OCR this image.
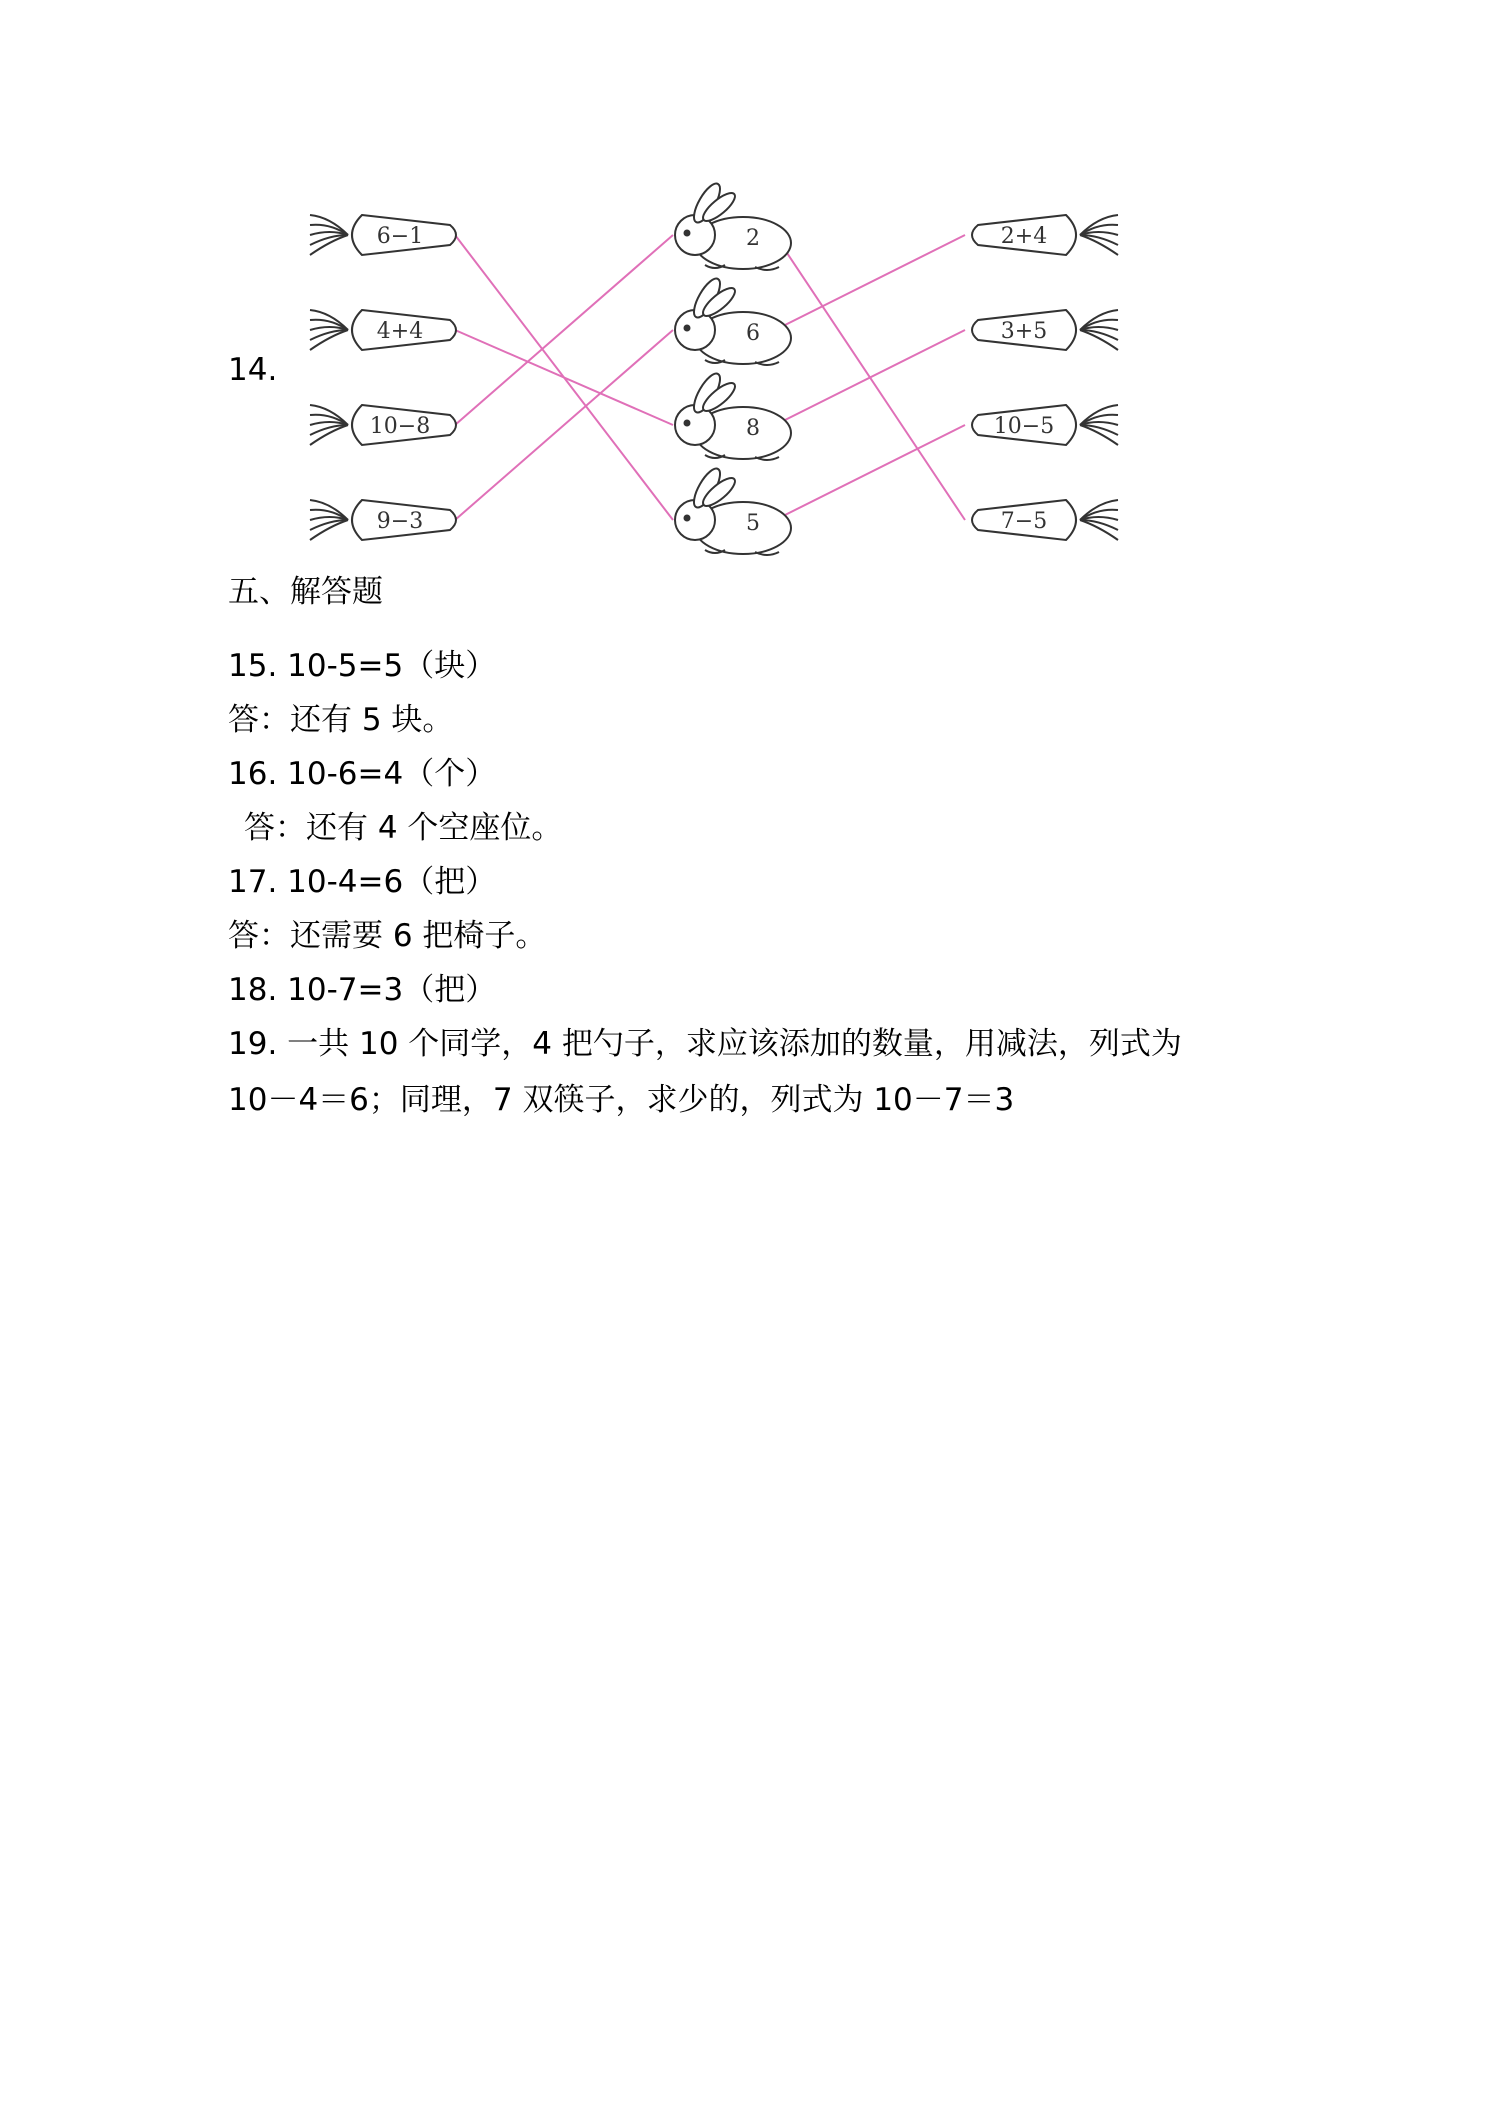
14.
6−1
4+4
10−8
9−3
2
6
8
5
2+4
3+5
10−5
7−5
五、解答题
15. 10-5=5（块）
答：还有 5 块。
16. 10-6=4（个）
答：还有 4 个空座位。
17. 10-4=6（把）
答：还需要 6 把椅子。
18. 10-7=3（把）
19. 一共 10 个同学，4 把勺子，求应该添加的数量，用减法，列式为
10－4＝6；同理，7 双筷子，求少的，列式为 10－7＝3
